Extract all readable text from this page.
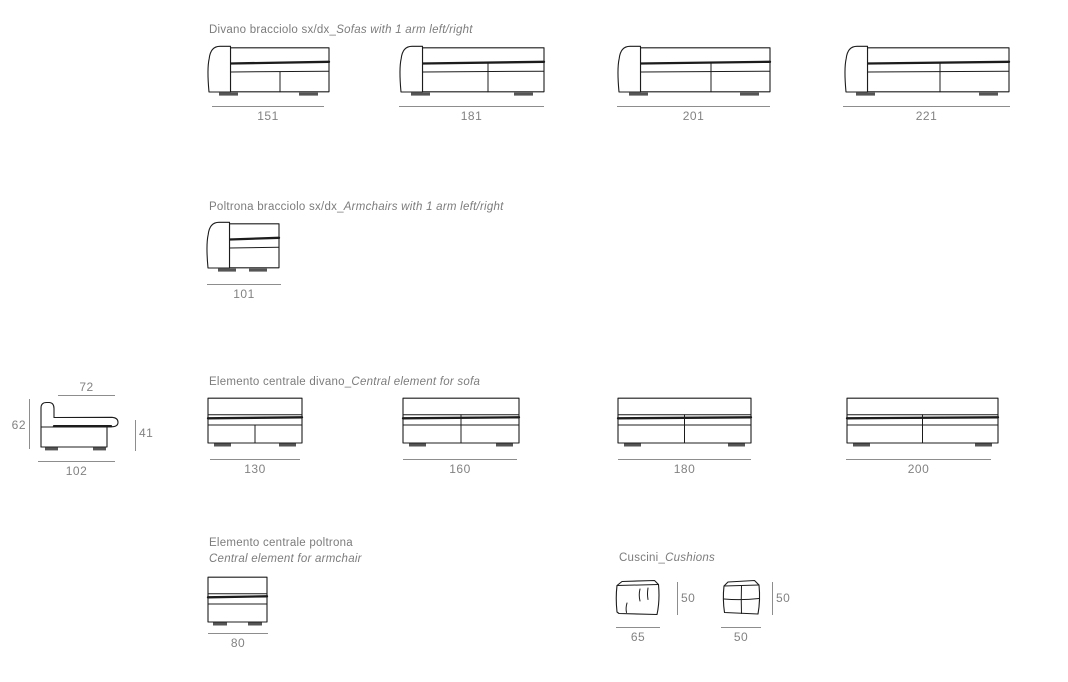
Divano bracciolo sx/dx_Sofas with 1 arm left/right
151	181	201	221
Poltrona bracciolo sx/dx_Armchairs with 1 arm left/right
101
72
62
41
102
Elemento centrale divano_Central element for sofa
130	160	180	200
Elemento centrale poltrona
Central element for armchair
80
Cuscini_Cushions
50
65
50
50
